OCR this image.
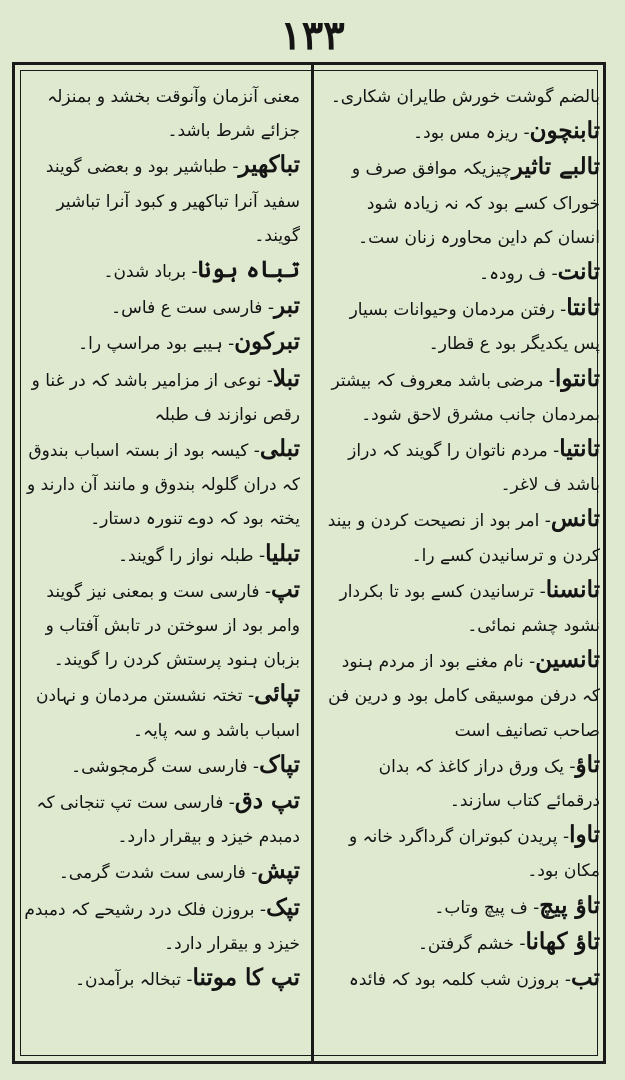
۱۳۳

بالضم گوشت خورش طایران شکاری۔

تابنچون- ریزہ مس بود۔

تالبے تاثیرچیزیکہ موافق صرف و خوراک کسے بود کہ نہ زیادہ شود انسان کم داین محاورہ زنان ست۔

تانت- ف رودہ۔

تانتا- رفتن مردمان وحیوانات بسیار پس یکدیگر بود ع قطار۔

تانتوا- مرضی باشد معروف کہ بیشتر بمردمان جانب مشرق لاحق شود۔

تانتیا- مردم ناتوان را گویند کہ دراز باشد ف لاغر۔

تانس- امر بود از نصیحت کردن و بیند کردن و ترسانیدن کسے را۔

تانسنا- ترسانیدن کسے بود تا بکردار نشود چشم نمائی۔

تانسین- نام مغنے بود از مردم ہنود کہ درفن موسیقی کامل بود و درین فن صاحب تصانیف است

تاؤ- یک ورق دراز کاغذ کہ بدان درقمائے کتاب سازند۔

تاوا- پریدن کبوتران گرداگرد خانہ و مکان بود۔

تاؤ پیچ- ف پیچ وتاب۔

تاؤ کھانا- خشم گرفتن۔

تب- بروزن شب کلمہ بود کہ فائدہ

معنی آنزمان وآنوقت بخشد و بمنزلہ جزائے شرط باشد۔

تباکھیر- طباشیر بود و بعضی گویند سفید آنرا تباکھیر و کبود آنرا تباشیر گویند۔

تباہ ہونا- برباد شدن۔

تبر- فارسی ست ع فاس۔

تبرکون- ہیبے بود مراسپ را۔

تبلا- نوعی از مزامیر باشد کہ در غنا و رقص نوازند ف طبلہ

تبلی- کیسہ بود از بستہ اسباب بندوق کہ دران گلولہ بندوق و مانند آن دارند و یختہ بود کہ دوے تنورہ دستار۔

تبلیا- طبلہ نواز را گویند۔

تپ- فارسی ست و بمعنی نیز گویند وامر بود از سوختن در تابش آفتاب و بزبان ہنود پرستش کردن را گویند۔

تپائی- تختہ نشستن مردمان و نہادن اسباب باشد و سہ پایہ۔

تپاک- فارسی ست گرمجوشی۔

تپ دق- فارسی ست تپ تنجانی کہ دمبدم خیزد و بیقرار دارد۔

تپش- فارسی ست شدت گرمی۔

تپک- بروزن فلک درد رشیحے کہ دمبدم خیزد و بیقرار دارد۔

تپ کا موتنا- تبخالہ برآمدن۔
